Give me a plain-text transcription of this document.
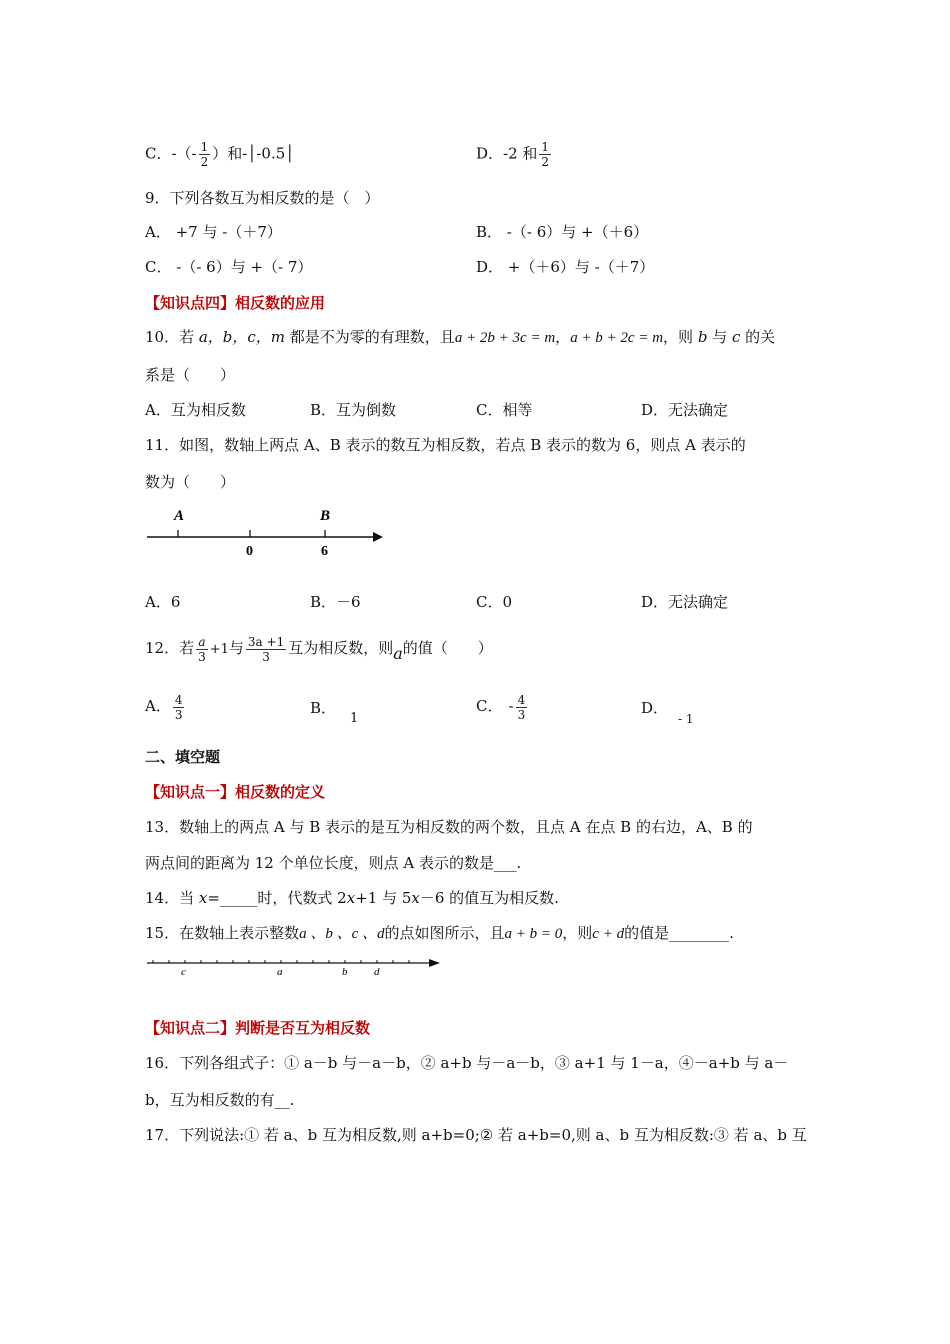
C．-（- $\frac{1}{2}$ ）和-│-0.5│	D．-2 和 $\frac{1}{2}$
9．下列各数互为相反数的是（　）
A． +7 与 -（＋7）	B． -（- 6）与 +（＋6）
C． -（- 6）与 +（- 7）	D． +（＋6）与 -（＋7）
【知识点四】相反数的应用
10．若 a，b，c，m 都是不为零的有理数，且a + 2b + 3c = m，a + b + 2c = m，则 b 与 c 的关
系是（　　）
A．互为相反数	B．互为倒数	C．相等	D．无法确定
11．如图，数轴上两点 A、B 表示的数互为相反数，若点 B 表示的数为 6，则点 A 表示的
数为（　　）
A	B
0	6
A．6	B．－6	C．0	D．无法确定
12．若 $\frac{a}{3} +1$与 $\frac{3a +1}{3}$ 互为相反数，则a的值（　　）
A． $\frac{4}{3}$	B．1
C． - $\frac{4}{3}$	D．$_{- 1}$
二、填空题
【知识点一】相反数的定义
13．数轴上的两点 A 与 B 表示的是互为相反数的两个数，且点 A 在点 B 的右边，A、B 的
两点间的距离为 12 个单位长度，则点 A 表示的数是___.
14．当 x=_____时，代数式 2x+1 与 5x－6 的值互为相反数.
15．在数轴上表示整数a 、b 、c 、d的点如图所示，且a + b = 0，则c + d的值是________.
c	a	b d
【知识点二】判断是否互为相反数
16．下列各组式子：① a－b 与－a－b，② a+b 与－a－b，③ a+1 与 1－a，④－a+b 与 a－
b，互为相反数的有__.
17．下列说法:① 若 a、b 互为相反数,则 a+b=0;② 若 a+b=0,则 a、b 互为相反数:③ 若 a、b 互
